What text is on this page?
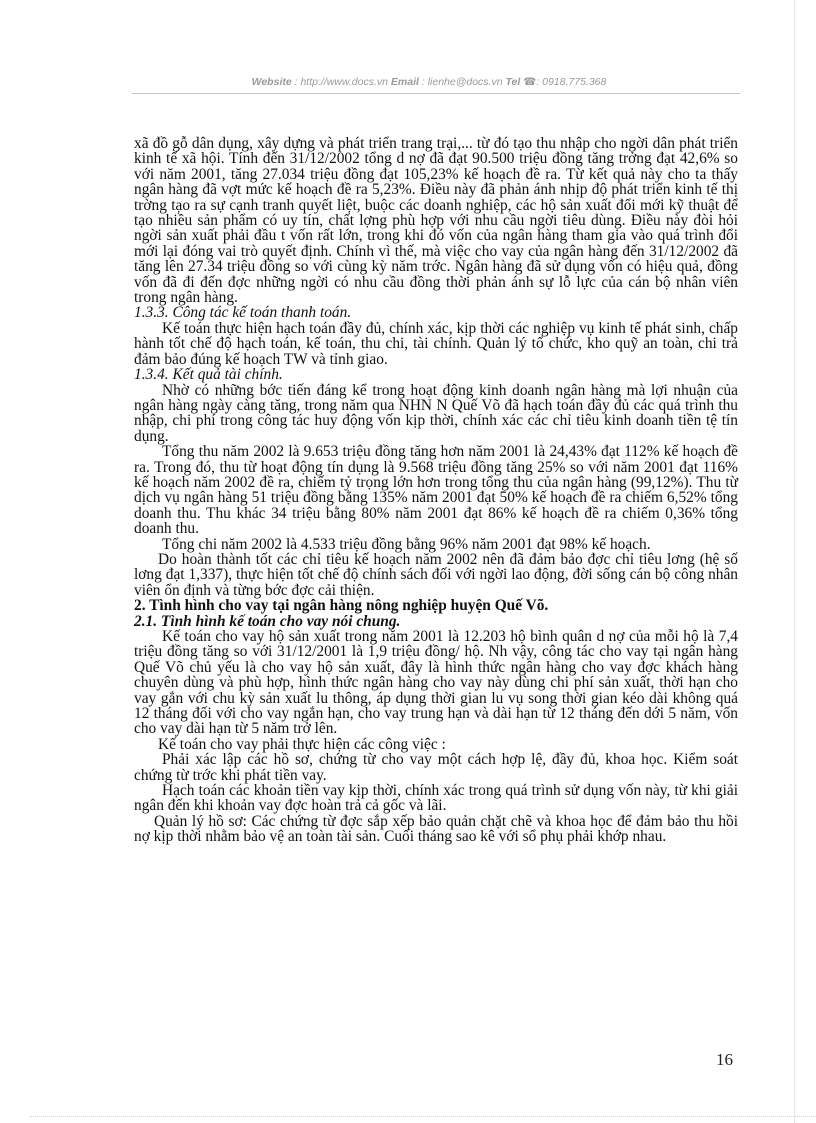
Website : http://www.docs.vn Email : lienhe@docs.vn Tel ☎: 0918.775.368

xã đồ gỗ dân dụng, xây dựng và phát triển trang trại,... từ đó tạo thu nhập cho ngời dân phát triển kinh tế xã hội. Tính đến 31/12/2002 tổng d nợ đã đạt 90.500 triệu đồng tăng trởng đạt 42,6% so với năm 2001, tăng 27.034 triệu đồng đạt 105,23% kế hoạch đề ra. Từ kết quả này cho ta thấy ngân hàng đã vợt mức kế hoạch đề ra 5,23%. Điều này đã phản ánh nhịp độ phát triển kinh tế thị trờng tạo ra sự cạnh tranh quyết liệt, buộc các doanh nghiệp, các hộ sản xuất đổi mới kỹ thuật để tạo nhiều sản phẩm có uy tín, chất lợng phù hợp với nhu cầu ngời tiêu dùng. Điều này đòi hỏi ngời sản xuất phải đầu t vốn rất lớn, trong khi đó vốn của ngân hàng tham gia vào quá trình đổi mới lại đóng vai trò quyết định. Chính vì thế, mà việc cho vay của ngân hàng đến 31/12/2002 đã tăng lên 27.34 triệu đồng so với cùng kỳ năm trớc. Ngân hàng đã sử dụng vốn có hiệu quả, đồng vốn đã đi đến đợc những ngời có nhu cầu đồng thời phản ánh sự lỗ lực của cán bộ nhân viên trong ngân hàng.

1.3.3. Công tác kế toán thanh toán.

Kế toán thực hiện hạch toán đầy đủ, chính xác, kịp thời các nghiệp vụ kinh tế phát sinh, chấp hành tốt chế độ hạch toán, kế toán, thu chi, tài chính. Quản lý tổ chức, kho quỹ an toàn, chi trả đảm bảo đúng kế hoạch TW và tỉnh giao.

1.3.4. Kết quả tài chính.

Nhờ có những bớc tiến đáng kể trong hoạt động kinh doanh ngân hàng mà lợi nhuận của ngân hàng ngày càng tăng, trong năm qua NHN N Quế Võ đã hạch toán đầy đủ các quá trình thu nhập, chi phí trong công tác huy động vốn kịp thời, chính xác các chỉ tiêu kinh doanh tiền tệ tín dụng.

Tổng thu năm 2002 là 9.653 triệu đồng tăng hơn năm 2001 là 24,43% đạt 112% kế hoạch đề ra. Trong đó, thu từ hoạt động tín dụng là 9.568 triệu đồng tăng 25% so với năm 2001 đạt 116% kế hoạch năm 2002 đề ra, chiếm tỷ trọng lớn hơn trong tổng thu của ngân hàng (99,12%). Thu từ dịch vụ ngân hàng 51 triệu đồng bằng 135% năm 2001 đạt 50% kế hoạch đề ra chiếm 6,52% tổng doanh thu. Thu khác 34 triệu bằng 80% năm 2001 đạt 86% kế hoạch đề ra chiếm 0,36% tổng doanh thu.

Tổng chi năm 2002 là 4.533 triệu đồng bằng 96% năm 2001 đạt 98% kế hoạch.

Do hoàn thành tốt các chỉ tiêu kế hoạch năm 2002 nên đã đảm bảo đợc chỉ tiêu lơng (hệ số lơng đạt 1,337), thực hiện tốt chế độ chính sách đối với ngời lao động, đời sống cán bộ công nhân viên ổn định và từng bớc đợc cải thiện.

2. Tình hình cho vay tại ngân hàng nông nghiệp huyện Quế Võ.

2.1. Tình hình kế toán cho vay nói chung.

Kế toán cho vay hộ sản xuất trong năm 2001 là 12.203 hộ bình quân d nợ của mỗi hộ là 7,4 triệu đồng tăng so với 31/12/2001 là 1,9 triệu đồng/ hộ. Nh vậy, công tác cho vay tại ngân hàng Quế Võ chủ yếu là cho vay hộ sản xuất, đây là hình thức ngân hàng cho vay đợc khách hàng chuyên dùng và phù hợp, hình thức ngân hàng cho vay này dùng chi phí sản xuất, thời hạn cho vay gắn với chu kỳ sản xuất lu thông, áp dụng thời gian lu vụ song thời gian kéo dài không quá 12 tháng đối với cho vay ngắn hạn, cho vay trung hạn và dài hạn từ 12 tháng đến dới 5 năm, vốn cho vay dài hạn từ 5 năm trở lên.

Kế toán cho vay phải thực hiện các công việc :

Phải xác lập các hồ sơ, chứng từ cho vay một cách hợp lệ, đầy đủ, khoa học. Kiểm soát chứng từ trớc khi phát tiền vay.

Hạch toán các khoản tiền vay kịp thời, chính xác trong quá trình sử dụng vốn này, từ khi giải ngân đến khi khoản vay đợc hoàn trả cả gốc và lãi.

Quản lý hồ sơ: Các chứng từ đợc sắp xếp bảo quản chặt chẽ và khoa học để đảm bảo thu hồi nợ kịp thời nhằm bảo vệ an toàn tài sản. Cuối tháng sao kê với sổ phụ phải khớp nhau.

16
